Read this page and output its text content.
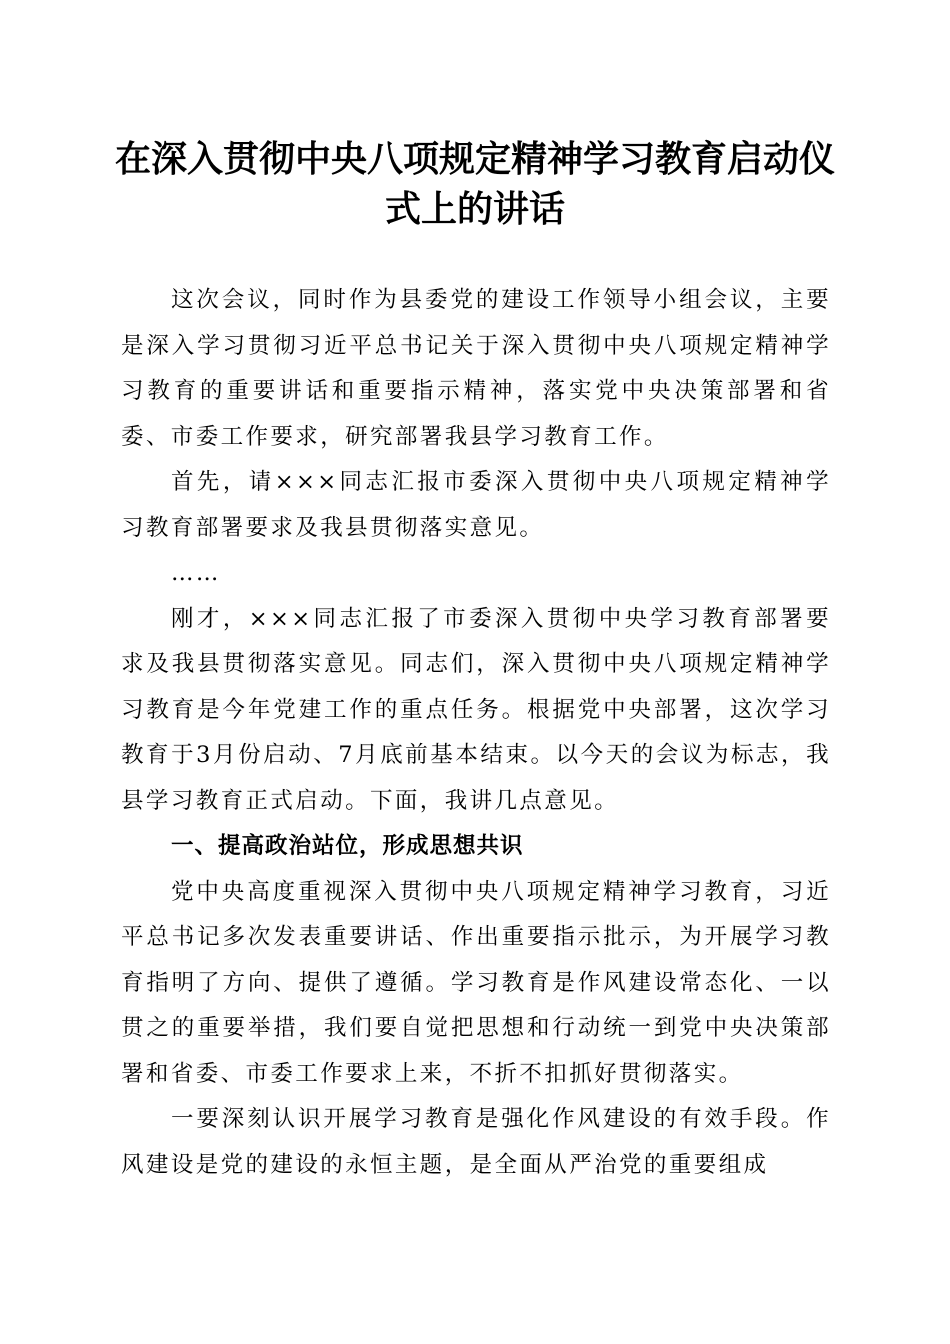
在深入贯彻中央八项规定精神学习教育启动仪式上的讲话

这次会议，同时作为县委党的建设工作领导小组会议，主要是深入学习贯彻习近平总书记关于深入贯彻中央八项规定精神学习教育的重要讲话和重要指示精神，落实党中央决策部署和省委、市委工作要求，研究部署我县学习教育工作。

首先，请×××同志汇报市委深入贯彻中央八项规定精神学习教育部署要求及我县贯彻落实意见。

……

刚才，×××同志汇报了市委深入贯彻中央学习教育部署要求及我县贯彻落实意见。同志们，深入贯彻中央八项规定精神学习教育是今年党建工作的重点任务。根据党中央部署，这次学习教育于3月份启动、7月底前基本结束。以今天的会议为标志，我县学习教育正式启动。下面，我讲几点意见。

一、提高政治站位，形成思想共识

党中央高度重视深入贯彻中央八项规定精神学习教育，习近平总书记多次发表重要讲话、作出重要指示批示，为开展学习教育指明了方向、提供了遵循。学习教育是作风建设常态化、一以贯之的重要举措，我们要自觉把思想和行动统一到党中央决策部署和省委、市委工作要求上来，不折不扣抓好贯彻落实。

一要深刻认识开展学习教育是强化作风建设的有效手段。作风建设是党的建设的永恒主题，是全面从严治党的重要组成
